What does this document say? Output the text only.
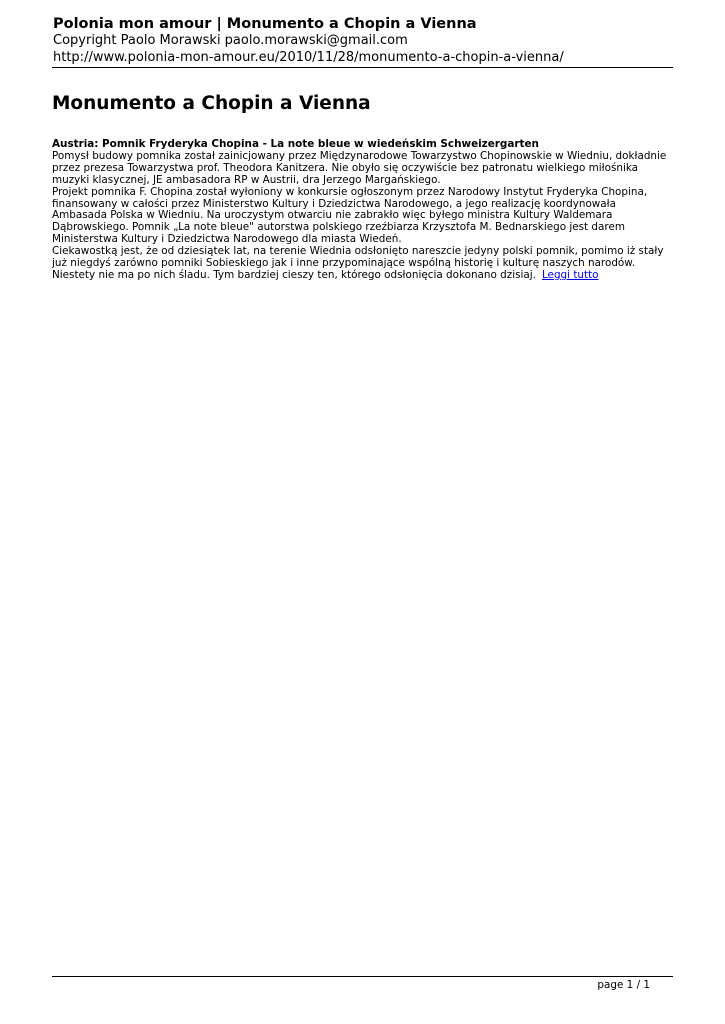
Polonia mon amour | Monumento a Chopin a Vienna
Copyright Paolo Morawski paolo.morawski@gmail.com
http://www.polonia-mon-amour.eu/2010/11/28/monumento-a-chopin-a-vienna/
Monumento a Chopin a Vienna
Austria: Pomnik Fryderyka Chopina - La note bleue w wiedeńskim Schweizergarten

Pomysł budowy pomnika został zainicjowany przez Międzynarodowe Towarzystwo Chopinowskie w Wiedniu, dokładnie przez prezesa Towarzystwa prof. Theodora Kanitzera. Nie obyło się oczywiście bez patronatu wielkiego miłośnika muzyki klasycznej, JE ambasadora RP w Austrii, dra Jerzego Margańskiego.

Projekt pomnika F. Chopina został wyłoniony w konkursie ogłoszonym przez Narodowy Instytut Fryderyka Chopina, finansowany w całości przez Ministerstwo Kultury i Dziedzictwa Narodowego, a jego realizację koordynowała Ambasada Polska w Wiedniu. Na uroczystym otwarciu nie zabrakło więc byłego ministra Kultury Waldemara Dąbrowskiego. Pomnik „La note bleue" autorstwa polskiego rzeźbiarza Krzysztofa M. Bednarskiego jest darem Ministerstwa Kultury i Dziedzictwa Narodowego dla miasta Wiedeń.

Ciekawostką jest, że od dziesiątek lat, na terenie Wiednia odsłonięto nareszcie jedyny polski pomnik, pomimo iż stały już niegdyś zarówno pomniki Sobieskiego jak i inne przypominające wspólną historię i kulturę naszych narodów. Niestety nie ma po nich śladu. Tym bardziej cieszy ten, którego odsłonięcia dokonano dzisiaj. Leggi tutto

page 1 / 1
